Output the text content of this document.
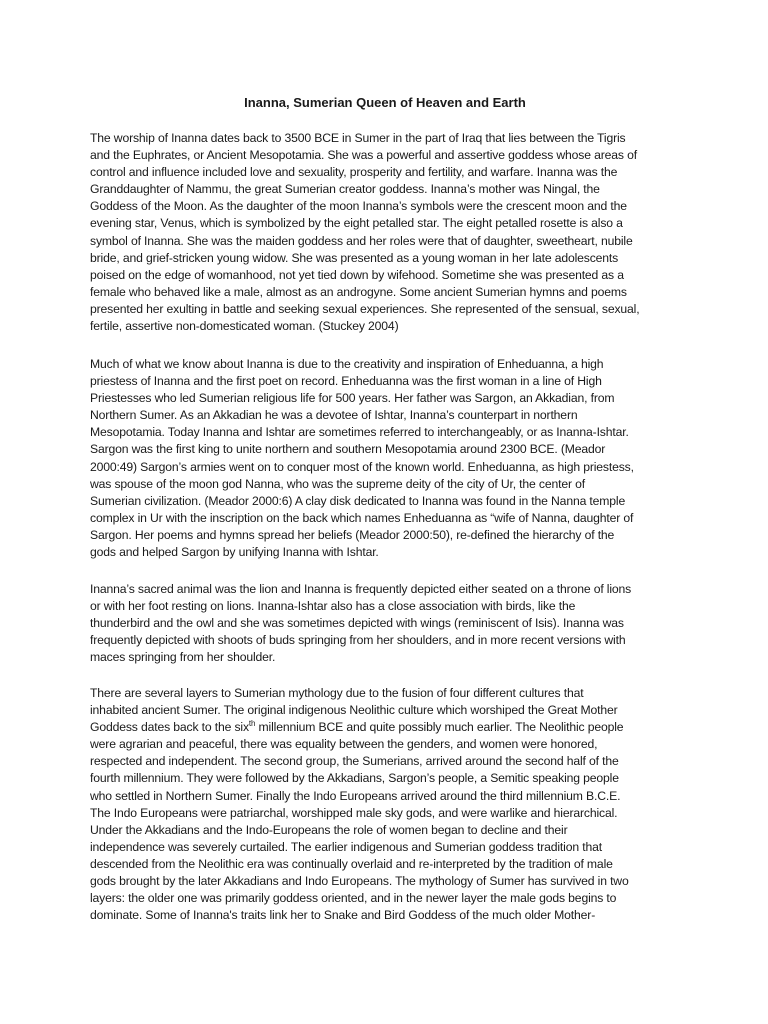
Inanna, Sumerian Queen of Heaven and Earth

The worship of Inanna dates back to 3500 BCE in Sumer in the part of Iraq that lies between the Tigris
and the Euphrates, or Ancient Mesopotamia. She was a powerful and assertive goddess whose areas of
control and influence included love and sexuality, prosperity and fertility, and warfare. Inanna was the
Granddaughter of Nammu, the great Sumerian creator goddess. Inanna’s mother was Ningal, the
Goddess of the Moon. As the daughter of the moon Inanna’s symbols were the crescent moon and the
evening star, Venus, which is symbolized by the eight petalled star. The eight petalled rosette is also a
symbol of Inanna. She was the maiden goddess and her roles were that of daughter, sweetheart, nubile
bride, and grief-stricken young widow. She was presented as a young woman in her late adolescents
poised on the edge of womanhood, not yet tied down by wifehood. Sometime she was presented as a
female who behaved like a male, almost as an androgyne. Some ancient Sumerian hymns and poems
presented her exulting in battle and seeking sexual experiences. She represented of the sensual, sexual,
fertile, assertive non-domesticated woman. (Stuckey 2004)

Much of what we know about Inanna is due to the creativity and inspiration of Enheduanna, a high
priestess of Inanna and the first poet on record. Enheduanna was the first woman in a line of High
Priestesses who led Sumerian religious life for 500 years. Her father was Sargon, an Akkadian, from
Northern Sumer. As an Akkadian he was a devotee of Ishtar, Inanna’s counterpart in northern
Mesopotamia. Today Inanna and Ishtar are sometimes referred to interchangeably, or as Inanna-Ishtar.
Sargon was the first king to unite northern and southern Mesopotamia around 2300 BCE. (Meador
2000:49) Sargon’s armies went on to conquer most of the known world. Enheduanna, as high priestess,
was spouse of the moon god Nanna, who was the supreme deity of the city of Ur, the center of
Sumerian civilization. (Meador 2000:6) A clay disk dedicated to Inanna was found in the Nanna temple
complex in Ur with the inscription on the back which names Enheduanna as “wife of Nanna, daughter of
Sargon. Her poems and hymns spread her beliefs (Meador 2000:50), re-defined the hierarchy of the
gods and helped Sargon by unifying Inanna with Ishtar.

Inanna’s sacred animal was the lion and Inanna is frequently depicted either seated on a throne of lions
or with her foot resting on lions. Inanna-Ishtar also has a close association with birds, like the
thunderbird and the owl and she was sometimes depicted with wings (reminiscent of Isis). Inanna was
frequently depicted with shoots of buds springing from her shoulders, and in more recent versions with
maces springing from her shoulder.

There are several layers to Sumerian mythology due to the fusion of four different cultures that
inhabited ancient Sumer. The original indigenous Neolithic culture which worshiped the Great Mother
Goddess dates back to the six$^{th}$ millennium BCE and quite possibly much earlier. The Neolithic people
were agrarian and peaceful, there was equality between the genders, and women were honored,
respected and independent. The second group, the Sumerians, arrived around the second half of the
fourth millennium. They were followed by the Akkadians, Sargon’s people, a Semitic speaking people
who settled in Northern Sumer. Finally the Indo Europeans arrived around the third millennium B.C.E.
The Indo Europeans were patriarchal, worshipped male sky gods, and were warlike and hierarchical.
Under the Akkadians and the Indo-Europeans the role of women began to decline and their
independence was severely curtailed. The earlier indigenous and Sumerian goddess tradition that
descended from the Neolithic era was continually overlaid and re-interpreted by the tradition of male
gods brought by the later Akkadians and Indo Europeans. The mythology of Sumer has survived in two
layers: the older one was primarily goddess oriented, and in the newer layer the male gods begins to
dominate. Some of Inanna's traits link her to Snake and Bird Goddess of the much older Mother-
